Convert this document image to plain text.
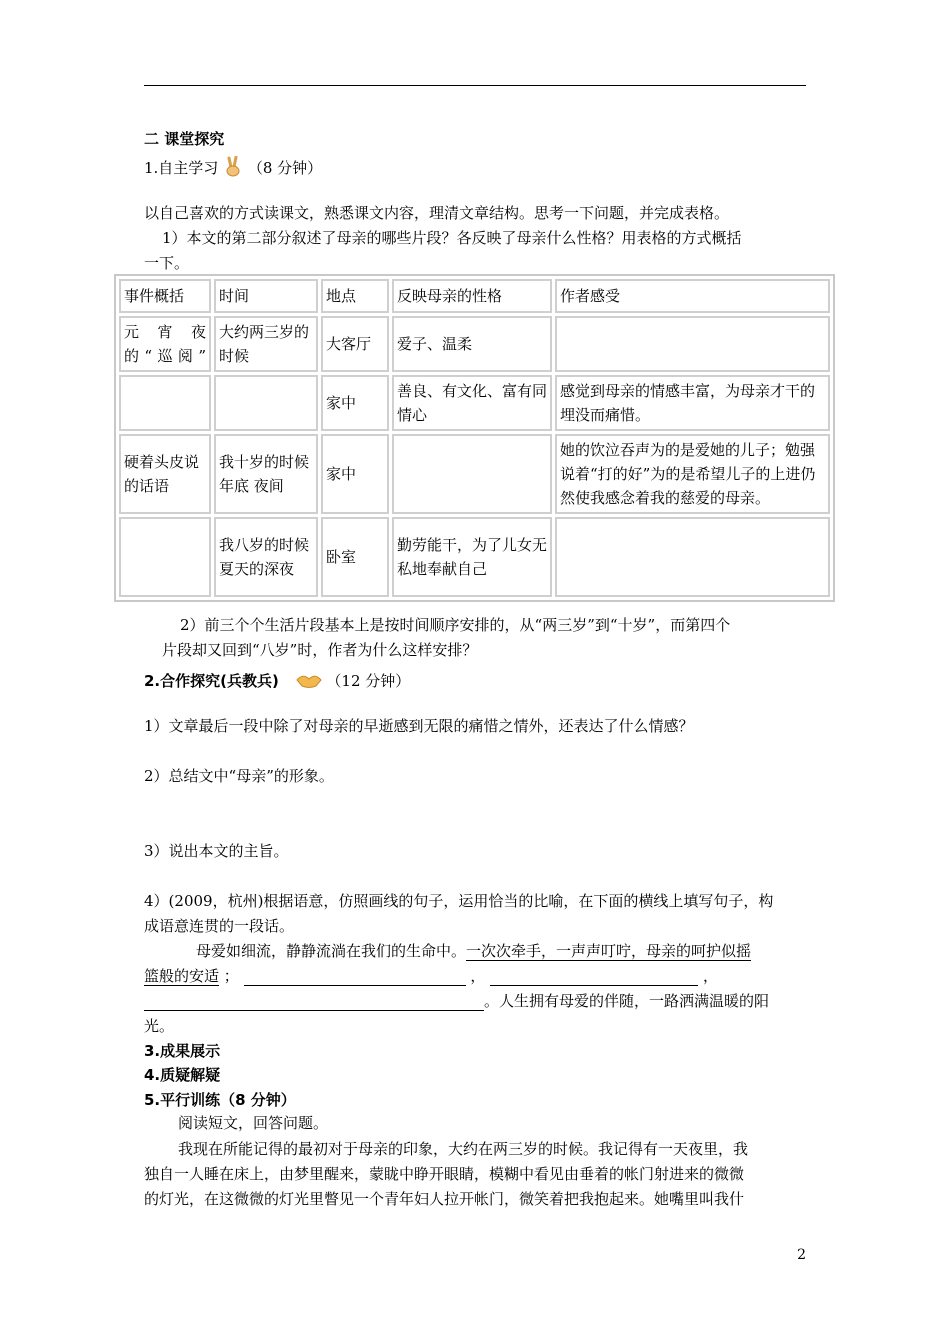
二 课堂探究
1.自主学习 （8 分钟）
以自己喜欢的方式读课文，熟悉课文内容，理清文章结构。思考一下问题，并完成表格。
1）本文的第二部分叙述了母亲的哪些片段？各反映了母亲什么性格？用表格的方式概括
一下。
事件概括	时间	地点	反映母亲的性格	作者感受
元宵夜的“巡阅”	大约两三岁的时候	大客厅	爱子、温柔	
		家中	善良、有文化、富有同情心	感觉到母亲的情感丰富，为母亲才干的埋没而痛惜。
硬着头皮说的话语	我十岁的时候 年底 夜间	家中		她的饮泣吞声为的是爱她的儿子；勉强说着“打的好”为的是希望儿子的上进仍然使我感念着我的慈爱的母亲。
	我八岁的时候 夏天的深夜	卧室	勤劳能干，为了儿女无私地奉献自己	
2）前三个个生活片段基本上是按时间顺序安排的，从“两三岁”到“十岁”，而第四个
片段却又回到“八岁”时，作者为什么这样安排？
2.合作探究(兵教兵)	（12 分钟）
1）文章最后一段中除了对母亲的早逝感到无限的痛惜之情外，还表达了什么情感？
2）总结文中“母亲”的形象。
3）说出本文的主旨。
4）(2009，杭州)根据语意，仿照画线的句子，运用恰当的比喻，在下面的横线上填写句子，构
成语意连贯的一段话。
母爱如细流，静静流淌在我们的生命中。一次次牵手，一声声叮咛，母亲的呵护似摇
篮般的安适 ；	，	，
。人生拥有母爱的伴随，一路洒满温暖的阳
光。
3.成果展示
4.质疑解疑
5.平行训练（8 分钟）
阅读短文，回答问题。
我现在所能记得的最初对于母亲的印象，大约在两三岁的时候。我记得有一天夜里，我
独自一人睡在床上，由梦里醒来，蒙眬中睁开眼睛，模糊中看见由垂着的帐门射进来的微微
的灯光，在这微微的灯光里瞥见一个青年妇人拉开帐门，微笑着把我抱起来。她嘴里叫我什
2
